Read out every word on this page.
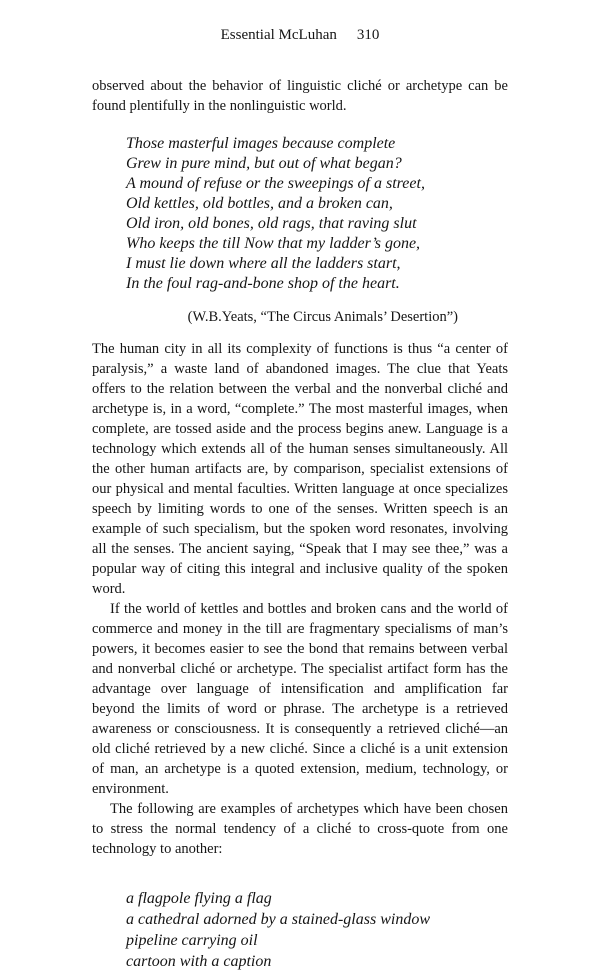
Essential McLuhan 310

observed about the behavior of linguistic cliché or archetype can be found plentifully in the nonlinguistic world.

Those masterful images because complete
Grew in pure mind, but out of what began?
A mound of refuse or the sweepings of a street,
Old kettles, old bottles, and a broken can,
Old iron, old bones, old rags, that raving slut
Who keeps the till Now that my ladder’s gone,
I must lie down where all the ladders start,
In the foul rag-and-bone shop of the heart.
(W.B.Yeats, “The Circus Animals’ Desertion”)

The human city in all its complexity of functions is thus “a center of paralysis,” a waste land of abandoned images. The clue that Yeats offers to the relation between the verbal and the nonverbal cliché and archetype is, in a word, “complete.” The most masterful images, when complete, are tossed aside and the process begins anew. Language is a technology which extends all of the human senses simultaneously. All the other human artifacts are, by comparison, specialist extensions of our physical and mental faculties. Written language at once specializes speech by limiting words to one of the senses. Written speech is an example of such specialism, but the spoken word resonates, involving all the senses. The ancient saying, “Speak that I may see thee,” was a popular way of citing this integral and inclusive quality of the spoken word.

If the world of kettles and bottles and broken cans and the world of commerce and money in the till are fragmentary specialisms of man’s powers, it becomes easier to see the bond that remains between verbal and nonverbal cliché or archetype. The specialist artifact form has the advantage over language of intensification and amplification far beyond the limits of word or phrase. The archetype is a retrieved awareness or consciousness. It is consequently a retrieved cliché—an old cliché retrieved by a new cliché. Since a cliché is a unit extension of man, an archetype is a quoted extension, medium, technology, or environment.

The following are examples of archetypes which have been chosen to stress the normal tendency of a cliché to cross-quote from one technology to another:

a flagpole flying a flag
a cathedral adorned by a stained-glass window
pipeline carrying oil
cartoon with a caption
